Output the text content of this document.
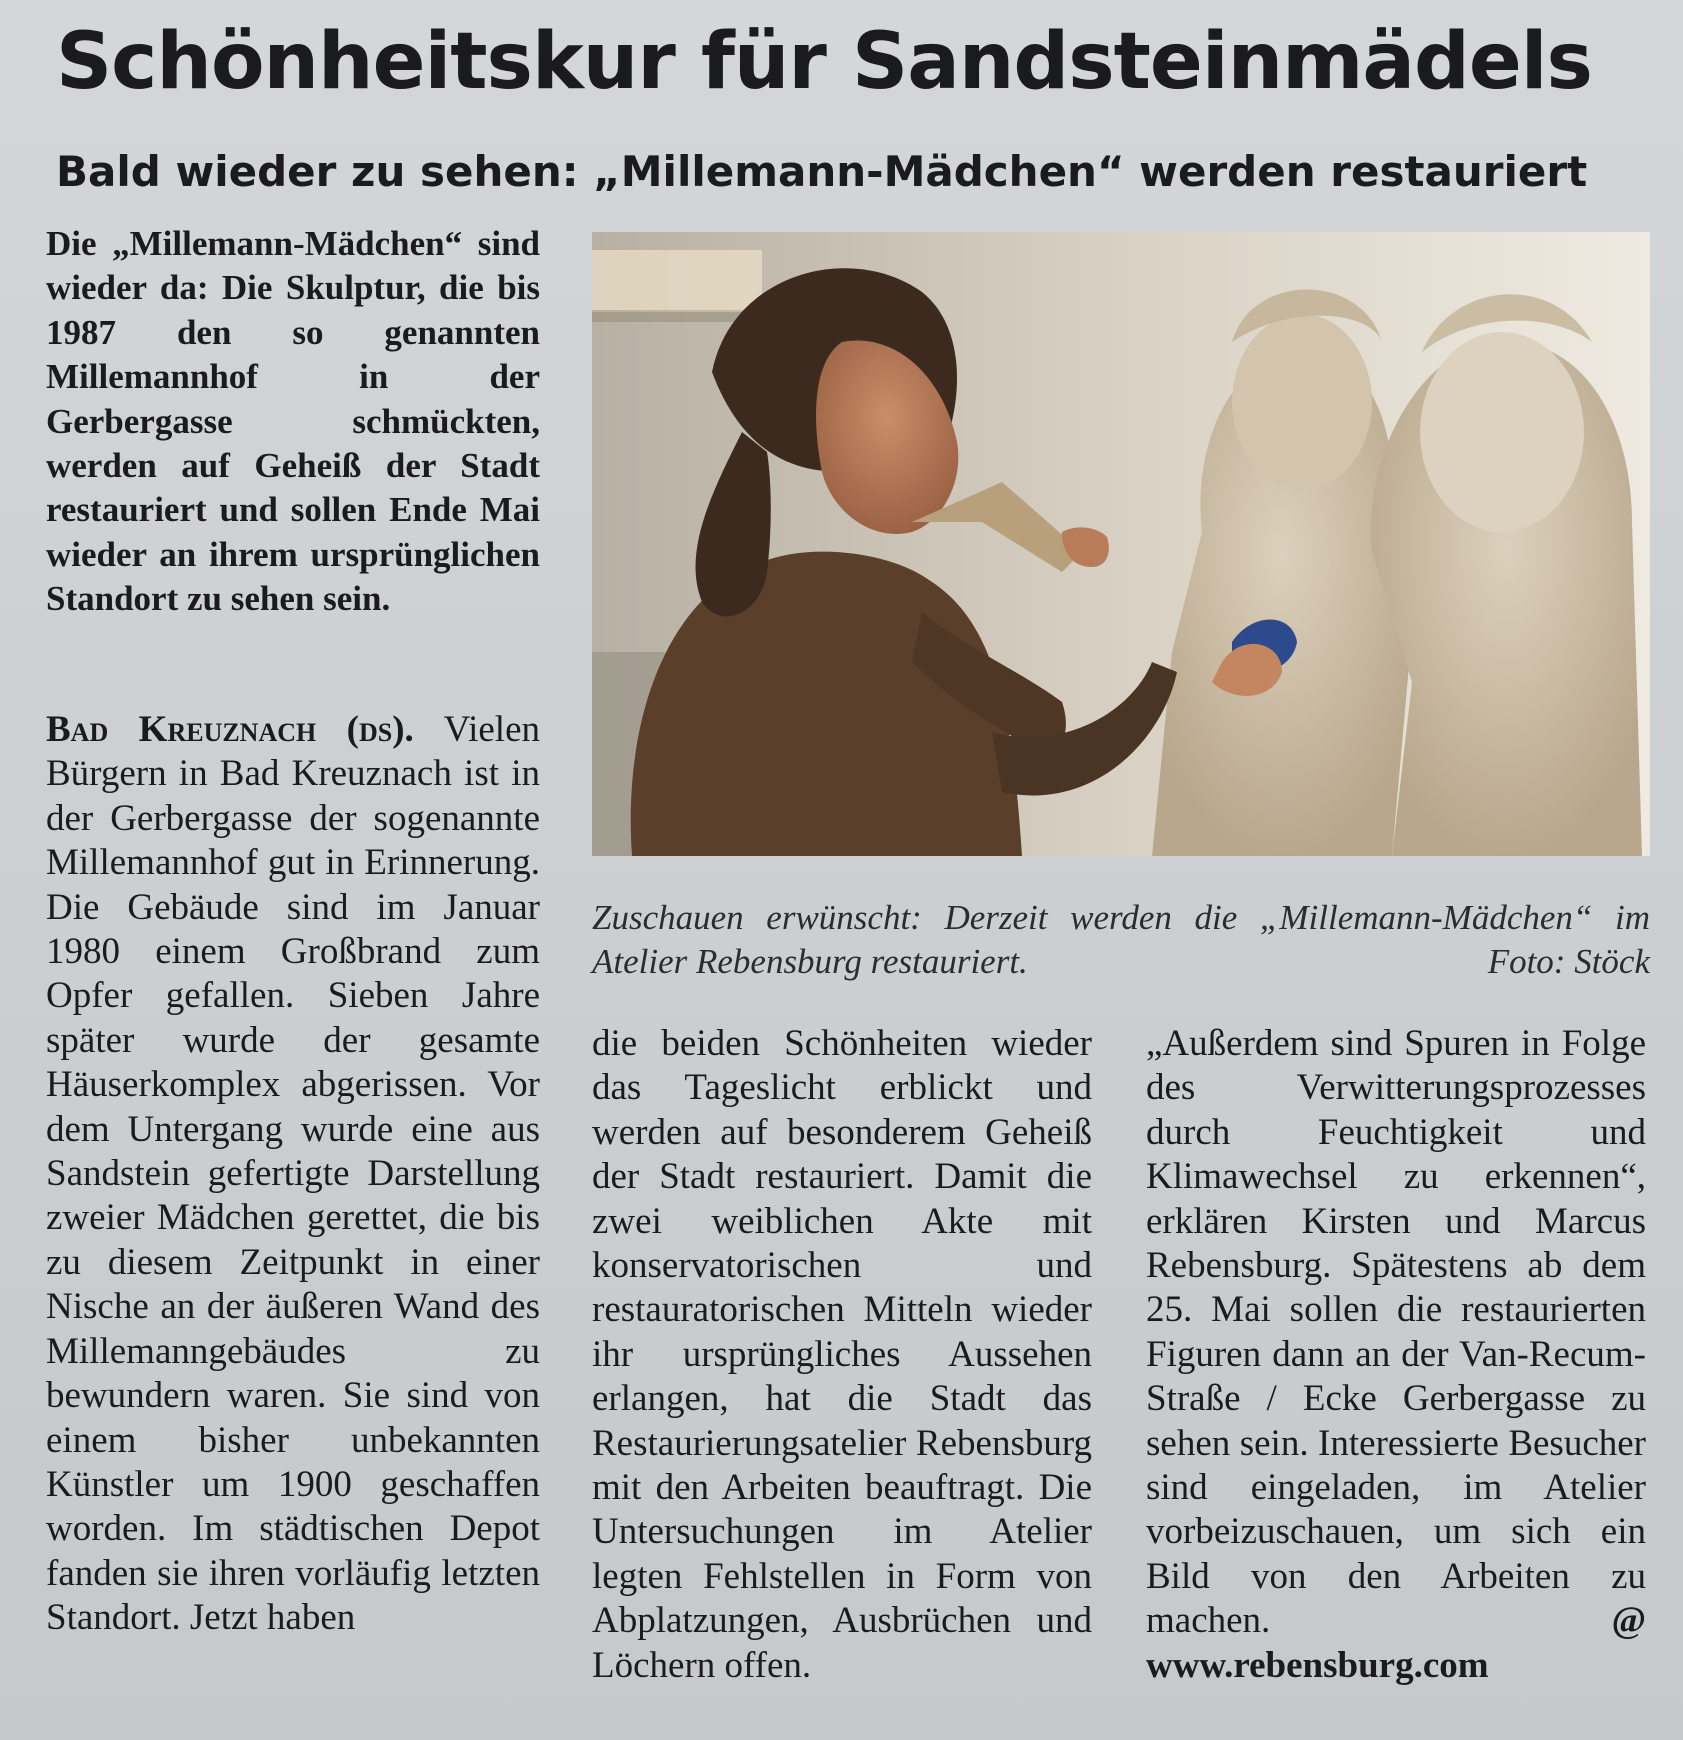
Schönheitskur für Sandsteinmädels
Bald wieder zu sehen: „Millemann-Mädchen“ werden restauriert
Die „Millemann-Mädchen“ sind wieder da: Die Skulptur, die bis 1987 den so genannten Millemannhof in der Gerbergasse schmückten, werden auf Geheiß der Stadt restauriert und sollen Ende Mai wieder an ihrem ursprünglichen Standort zu sehen sein.

Bad Kreuznach (ds). Vielen Bürgern in Bad Kreuznach ist in der Gerbergasse der sogenannte Millemannhof gut in Erinnerung. Die Gebäude sind im Januar 1980 einem Großbrand zum Opfer gefallen. Sieben Jahre später wurde der gesamte Häuserkomplex abgerissen. Vor dem Untergang wurde eine aus Sandstein gefertigte Darstellung zweier Mädchen gerettet, die bis zu diesem Zeitpunkt in einer Nische an der äußeren Wand des Millemanngebäudes zu bewundern waren. Sie sind von einem bisher unbekannten Künstler um 1900 geschaffen worden. Im städtischen Depot fanden sie ihren vorläufig letzten Standort. Jetzt haben

Zuschauen erwünscht: Derzeit werden die „Millemann-Mädchen“ im Atelier Rebensburg restauriert.	Foto: Stöck

die beiden Schönheiten wieder das Tageslicht erblickt und werden auf besonderem Geheiß der Stadt restauriert. Damit die zwei weiblichen Akte mit konservatorischen und restauratorischen Mitteln wieder ihr ursprüngliches Aussehen erlangen, hat die Stadt das Restaurierungsatelier Rebensburg mit den Arbeiten beauftragt. Die Untersuchungen im Atelier legten Fehlstellen in Form von Abplatzungen, Ausbrüchen und Löchern offen.

„Außerdem sind Spuren in Folge des Verwitterungsprozesses durch Feuchtigkeit und Klimawechsel zu erkennen“, erklären Kirsten und Marcus Rebensburg. Spätestens ab dem 25. Mai sollen die restaurierten Figuren dann an der Van-Recum-Straße / Ecke Gerbergasse zu sehen sein. Interessierte Besucher sind eingeladen, im Atelier vorbeizuschauen, um sich ein Bild von den Arbeiten zu machen.	@ www.rebensburg.com
